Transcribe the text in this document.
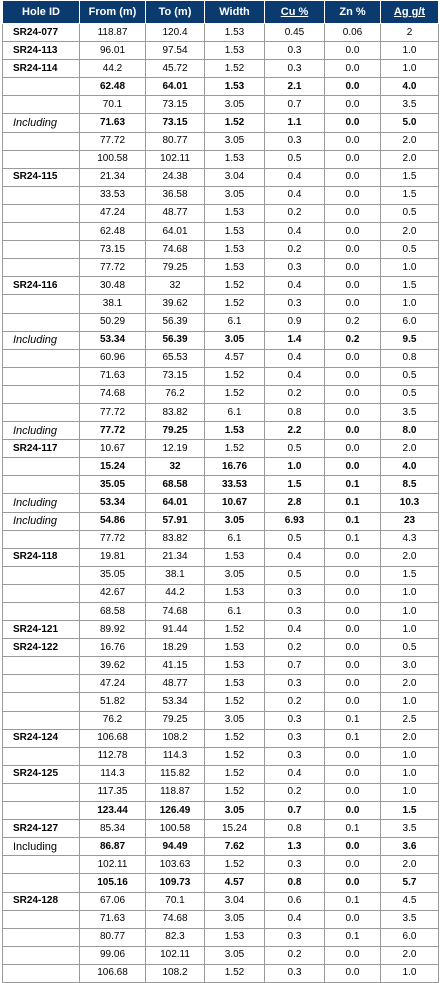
Hole ID	From (m)	To (m)	Width	Cu %	Zn %	Ag g/t
SR24-077	118.87	120.4	1.53	0.45	0.06	2
SR24-113	96.01	97.54	1.53	0.3	0.0	1.0
SR24-114	44.2	45.72	1.52	0.3	0.0	1.0
	62.48	64.01	1.53	2.1	0.0	4.0
	70.1	73.15	3.05	0.7	0.0	3.5
Including	71.63	73.15	1.52	1.1	0.0	5.0
	77.72	80.77	3.05	0.3	0.0	2.0
	100.58	102.11	1.53	0.5	0.0	2.0
SR24-115	21.34	24.38	3.04	0.4	0.0	1.5
	33.53	36.58	3.05	0.4	0.0	1.5
	47.24	48.77	1.53	0.2	0.0	0.5
	62.48	64.01	1.53	0.4	0.0	2.0
	73.15	74.68	1.53	0.2	0.0	0.5
	77.72	79.25	1.53	0.3	0.0	1.0
SR24-116	30.48	32	1.52	0.4	0.0	1.5
	38.1	39.62	1.52	0.3	0.0	1.0
	50.29	56.39	6.1	0.9	0.2	6.0
Including	53.34	56.39	3.05	1.4	0.2	9.5
	60.96	65.53	4.57	0.4	0.0	0.8
	71.63	73.15	1.52	0.4	0.0	0.5
	74.68	76.2	1.52	0.2	0.0	0.5
	77.72	83.82	6.1	0.8	0.0	3.5
Including	77.72	79.25	1.53	2.2	0.0	8.0
SR24-117	10.67	12.19	1.52	0.5	0.0	2.0
	15.24	32	16.76	1.0	0.0	4.0
	35.05	68.58	33.53	1.5	0.1	8.5
Including	53.34	64.01	10.67	2.8	0.1	10.3
Including	54.86	57.91	3.05	6.93	0.1	23
	77.72	83.82	6.1	0.5	0.1	4.3
SR24-118	19.81	21.34	1.53	0.4	0.0	2.0
	35.05	38.1	3.05	0.5	0.0	1.5
	42.67	44.2	1.53	0.3	0.0	1.0
	68.58	74.68	6.1	0.3	0.0	1.0
SR24-121	89.92	91.44	1.52	0.4	0.0	1.0
SR24-122	16.76	18.29	1.53	0.2	0.0	0.5
	39.62	41.15	1.53	0.7	0.0	3.0
	47.24	48.77	1.53	0.3	0.0	2.0
	51.82	53.34	1.52	0.2	0.0	1.0
	76.2	79.25	3.05	0.3	0.1	2.5
SR24-124	106.68	108.2	1.52	0.3	0.1	2.0
	112.78	114.3	1.52	0.3	0.0	1.0
SR24-125	114.3	115.82	1.52	0.4	0.0	1.0
	117.35	118.87	1.52	0.2	0.0	1.0
	123.44	126.49	3.05	0.7	0.0	1.5
SR24-127	85.34	100.58	15.24	0.8	0.1	3.5
Including	86.87	94.49	7.62	1.3	0.0	3.6
	102.11	103.63	1.52	0.3	0.0	2.0
	105.16	109.73	4.57	0.8	0.0	5.7
SR24-128	67.06	70.1	3.04	0.6	0.1	4.5
	71.63	74.68	3.05	0.4	0.0	3.5
	80.77	82.3	1.53	0.3	0.1	6.0
	99.06	102.11	3.05	0.2	0.0	2.0
	106.68	108.2	1.52	0.3	0.0	1.0
